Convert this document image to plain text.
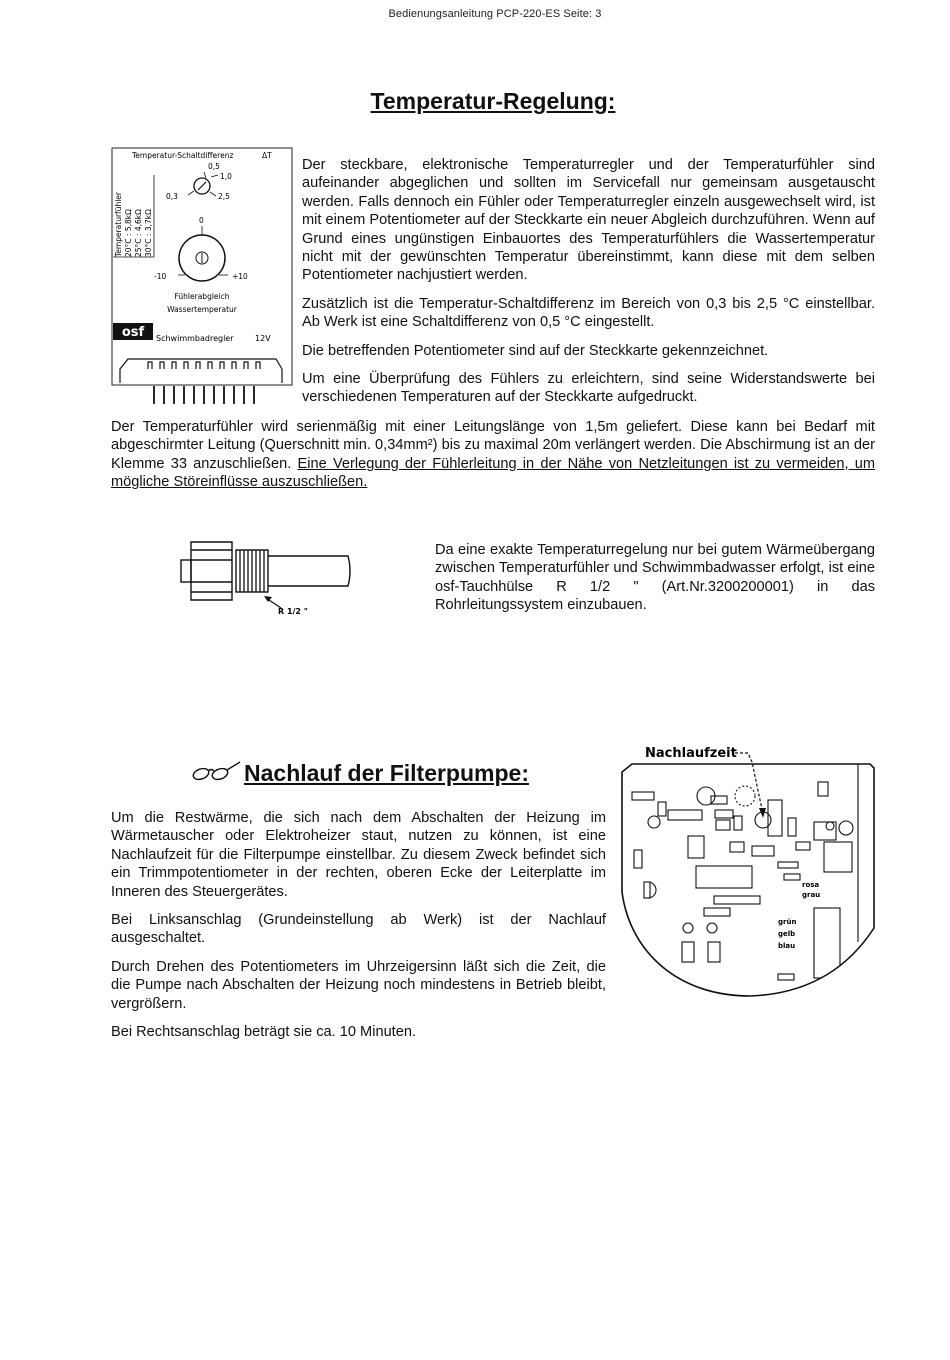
Bedienungsanleitung PCP-220-ES Seite: 3
Temperatur-Regelung:
Temperatur-Schaltdifferenz	ΔT
0,5
1,0
0,3	2,5
Temperaturfühler 20°C : 5,8kΩ 25°C : 4,6kΩ 30°C : 3,7kΩ	0
-10	+10
Fühlerabgleich
Wassertemperatur
osf Schwimmbadregler	12V

Der steckbare, elektronische Temperaturregler und der Temperaturfühler sind aufeinander abgeglichen und sollten im Servicefall nur gemeinsam ausgetauscht werden. Falls dennoch ein Fühler oder Temperaturregler einzeln ausgewechselt wird, ist mit einem Potentiometer auf der Steckkarte ein neuer Abgleich durchzuführen. Wenn auf Grund eines ungünstigen Einbauortes des Temperaturfühlers die Wassertemperatur nicht mit der gewünschten Temperatur übereinstimmt, kann diese mit dem selben Potentiometer nachjustiert werden.

Zusätzlich ist die Temperatur-Schaltdifferenz im Bereich von 0,3 bis 2,5 °C einstellbar. Ab Werk ist eine Schaltdifferenz von 0,5 °C eingestellt.

Die betreffenden Potentiometer sind auf der Steckkarte gekennzeichnet.

Um eine Überprüfung des Fühlers zu erleichtern, sind seine Widerstandswerte bei verschiedenen Temperaturen auf der Steckkarte aufgedruckt.

Der Temperaturfühler wird serienmäßig mit einer Leitungslänge von 1,5m geliefert. Diese kann bei Bedarf mit abgeschirmter Leitung (Querschnitt min. 0,34mm²) bis zu maximal 20m verlängert werden. Die Abschirmung ist an der Klemme 33 anzuschließen. Eine Verlegung der Fühlerleitung in der Nähe von Netzleitungen ist zu vermeiden, um mögliche Störeinflüsse auszuschließen.

R 1/2 "

Da eine exakte Temperaturregelung nur bei gutem Wärmeübergang zwischen Temperaturfühler und Schwimmbadwasser erfolgt, ist eine osf-Tauchhülse R 1/2 " (Art.Nr.3200200001) in das Rohrleitungssystem einzubauen.

Nachlauf der Filterpumpe:

Um die Restwärme, die sich nach dem Abschalten der Heizung im Wärmetauscher oder Elektroheizer staut, nutzen zu können, ist eine Nachlaufzeit für die Filterpumpe einstellbar. Zu diesem Zweck befindet sich ein Trimmpotentiometer in der rechten, oberen Ecke der Leiterplatte im Inneren des Steuergerätes.

Bei Linksanschlag (Grundeinstellung ab Werk) ist der Nachlauf ausgeschaltet.

Durch Drehen des Potentiometers im Uhrzeigersinn läßt sich die Zeit, die die Pumpe nach Abschalten der Heizung noch mindestens in Betrieb bleibt, vergrößern.

Bei Rechtsanschlag beträgt sie ca. 10 Minuten.

Nachlaufzeit
rosa
grau
grün
gelb
blau
